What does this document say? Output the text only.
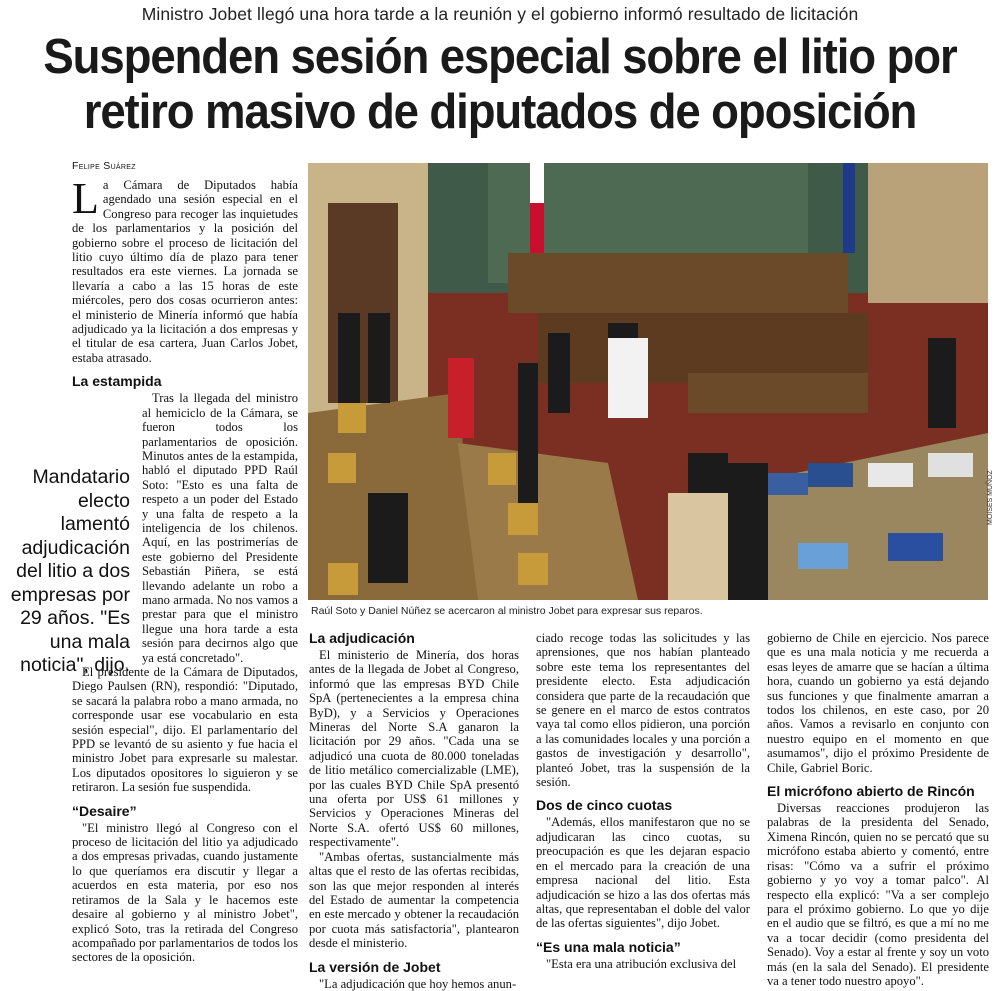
Ministro Jobet llegó una hora tarde a la reunión y el gobierno informó resultado de licitación
Suspenden sesión especial sobre el litio por retiro masivo de diputados de oposición
Felipe Suárez

La Cámara de Diputados había agendado una sesión especial en el Congreso para recoger las inquietudes de los parlamentarios y la posición del gobierno sobre el proceso de licitación del litio cuyo último día de plazo para tener resultados era este viernes. La jornada se llevaría a cabo a las 15 horas de este miércoles, pero dos cosas ocurrieron antes: el ministerio de Minería informó que había adjudicado ya la licitación a dos empresas y el titular de esa cartera, Juan Carlos Jobet, estaba atrasado.

La estampida

Tras la llegada del ministro al hemiciclo de la Cámara, se fueron todos los parlamentarios de oposición. Minutos antes de la estampida, habló el diputado PPD Raúl Soto: "Esto es una falta de respeto a un poder del Estado y una falta de respeto a la inteligencia de los chilenos. Aquí, en las postrimerías de este gobierno del Presidente Sebastián Piñera, se está llevando adelante un robo a mano armada. No nos vamos a prestar para que el ministro llegue una hora tarde a esta sesión para decirnos algo que ya está concretado".

El presidente de la Cámara de Diputados, Diego Paulsen (RN), respondió: "Diputado, se sacará la palabra robo a mano armada, no corresponde usar ese vocabulario en esta sesión especial", dijo. El parlamentario del PPD se levantó de su asiento y fue hacia el ministro Jobet para expresarle su malestar. Los diputados opositores lo siguieron y se retiraron. La sesión fue suspendida.

“Desaire”

"El ministro llegó al Congreso con el proceso de licitación del litio ya adjudicado a dos empresas privadas, cuando justamente lo que queríamos era discutir y llegar a acuerdos en esta materia, por eso nos retiramos de la Sala y le hacemos este desaire al gobierno y al ministro Jobet", explicó Soto, tras la retirada del Congreso acompañado por parlamentarios de todos los sectores de la oposición.

Mandatario electo lamentó adjudicación del litio a dos empresas por 29 años. "Es una mala noticia", dijo.
Raúl Soto y Daniel Núñez se acercaron al ministro Jobet para expresar sus reparos.
MOISES MUÑOZ
La adjudicación

El ministerio de Minería, dos horas antes de la llegada de Jobet al Congreso, informó que las empresas BYD Chile SpA (pertenecientes a la empresa china ByD), y a Servicios y Operaciones Mineras del Norte S.A ganaron la licitación por 29 años. "Cada una se adjudicó una cuota de 80.000 toneladas de litio metálico comercializable (LME), por las cuales BYD Chile SpA presentó una oferta por US$ 61 millones y Servicios y Operaciones Mineras del Norte S.A. ofertó US$ 60 millones, respectivamente".

"Ambas ofertas, sustancialmente más altas que el resto de las ofertas recibidas, son las que mejor responden al interés del Estado de aumentar la competencia en este mercado y obtener la recaudación por cuota más satisfactoria", plantearon desde el ministerio.

La versión de Jobet

"La adjudicación que hoy hemos anun-

ciado recoge todas las solicitudes y las aprensiones, que nos habían planteado sobre este tema los representantes del presidente electo. Esta adjudicación considera que parte de la recaudación que se genere en el marco de estos contratos vaya tal como ellos pidieron, una porción a las comunidades locales y una porción a gastos de investigación y desarrollo", planteó Jobet, tras la suspensión de la sesión.

Dos de cinco cuotas

"Además, ellos manifestaron que no se adjudicaran las cinco cuotas, su preocupación es que les dejaran espacio en el mercado para la creación de una empresa nacional del litio. Esta adjudicación se hizo a las dos ofertas más altas, que representaban el doble del valor de las ofertas siguientes", dijo Jobet.

“Es una mala noticia”

"Esta era una atribución exclusiva del

gobierno de Chile en ejercicio. Nos parece que es una mala noticia y me recuerda a esas leyes de amarre que se hacían a última hora, cuando un gobierno ya está dejando sus funciones y que finalmente amarran a todos los chilenos, en este caso, por 20 años. Vamos a revisarlo en conjunto con nuestro equipo en el momento en que asumamos", dijo el próximo Presidente de Chile, Gabriel Boric.

El micrófono abierto de Rincón

Diversas reacciones produjeron las palabras de la presidenta del Senado, Ximena Rincón, quien no se percató que su micrófono estaba abierto y comentó, entre risas: "Cómo va a sufrir el próximo gobierno y yo voy a tomar palco". Al respecto ella explicó: "Va a ser complejo para el próximo gobierno. Lo que yo dije en el audio que se filtró, es que a mí no me va a tocar decidir (como presidenta del Senado). Voy a estar al frente y soy un voto más (en la sala del Senado). El presidente va a tener todo nuestro apoyo".
